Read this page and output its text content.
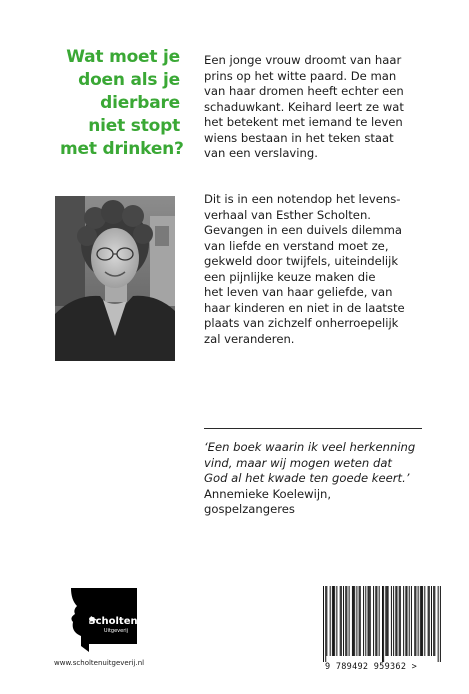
Wat moet je
doen als je
dierbare
niet stopt
met drinken?
Een jonge vrouw droomt van haar
prins op het witte paard. De man
van haar dromen heeft echter een
schaduwkant. Keihard leert ze wat
het betekent met iemand te leven
wiens bestaan in het teken staat
van een verslaving.
Dit is in een notendop het levens-
verhaal van Esther Scholten.
Gevangen in een duivels dilemma
van liefde en verstand moet ze,
gekweld door twijfels, uiteindelijk
een pijnlijke keuze maken die
het leven van haar geliefde, van
haar kinderen en niet in de laatste
plaats van zichzelf onherroepelijk
zal veranderen.
‘Een boek waarin ik veel herkenning
vind, maar wij mogen weten dat
God al het kwade ten goede keert.’
Annemieke Koelewijn,
gospelzangeres
Scholten
Uitgeverij
www.scholtenuitgeverij.nl	9 789492 959362 >
